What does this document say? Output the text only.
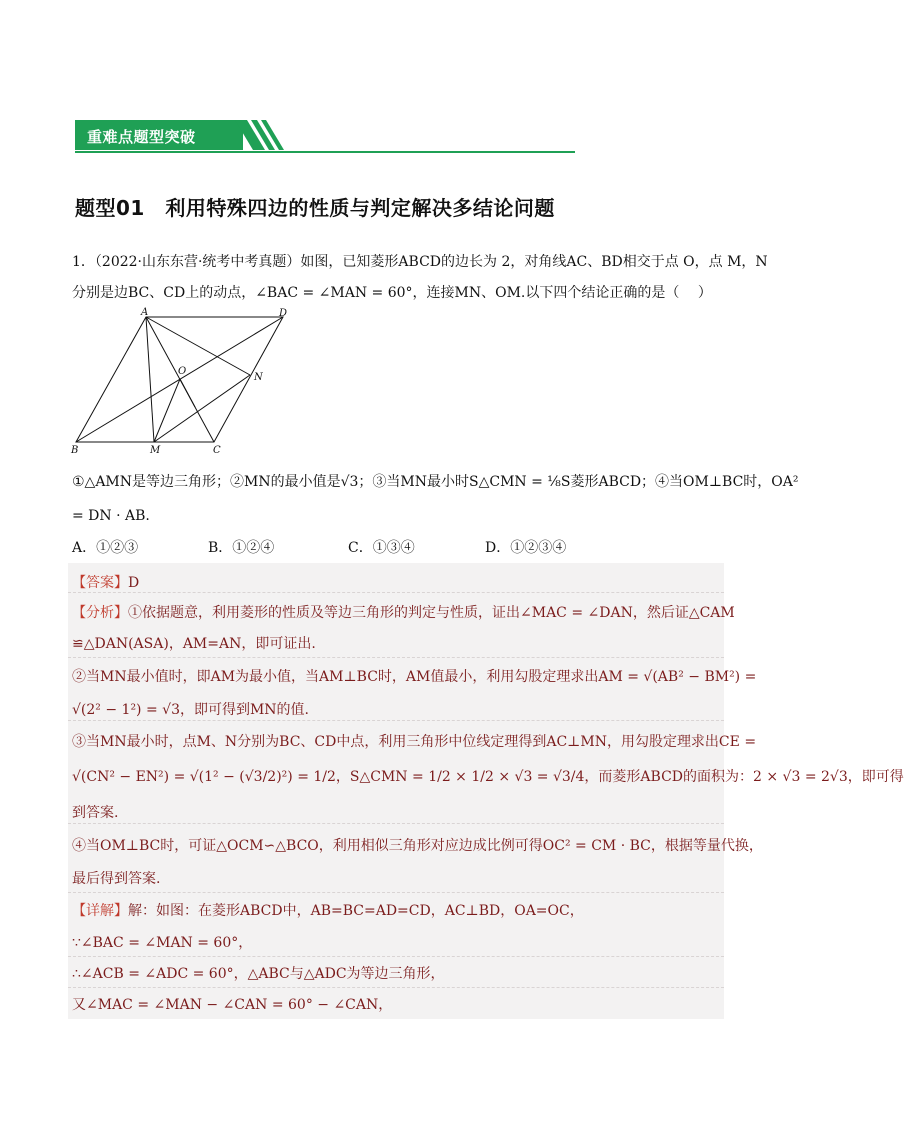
重难点题型突破
题型01　利用特殊四边的性质与判定解决多结论问题
1．（2022·山东东营·统考中考真题）如图，已知菱形ABCD的边长为 2，对角线AC、BD相交于点 O，点 M，N
分别是边BC、CD上的动点，∠BAC = ∠MAN = 60°，连接MN、OM.以下四个结论正确的是（　 ）
A	D
O
N
B	M	C
①△AMN是等边三角形；②MN的最小值是√3；③当MN最小时S△CMN = ⅛S菱形ABCD；④当OM⊥BC时，OA²
= DN · AB.
A．①②③	B．①②④	C．①③④	D．①②③④
【答案】D
【分析】①依据题意，利用菱形的性质及等边三角形的判定与性质，证出∠MAC = ∠DAN，然后证△CAM
≌△DAN(ASA)，AM=AN，即可证出.
②当MN最小值时，即AM为最小值，当AM⊥BC时，AM值最小，利用勾股定理求出AM = √(AB² − BM²) =
√(2² − 1²) = √3，即可得到MN的值.
③当MN最小时，点M、N分别为BC、CD中点，利用三角形中位线定理得到AC⊥MN，用勾股定理求出CE =
√(CN² − EN²) = √(1² − (√3/2)²) = 1/2，S△CMN = 1/2 × 1/2 × √3 = √3/4，而菱形ABCD的面积为：2 × √3 = 2√3，即可得
到答案.
④当OM⊥BC时，可证△OCM∽△BCO，利用相似三角形对应边成比例可得OC² = CM · BC，根据等量代换，
最后得到答案.
【详解】解：如图：在菱形ABCD中，AB=BC=AD=CD，AC⊥BD，OA=OC，
∵∠BAC = ∠MAN = 60°，
∴∠ACB = ∠ADC = 60°，△ABC与△ADC为等边三角形，
又∠MAC = ∠MAN − ∠CAN = 60° − ∠CAN，
